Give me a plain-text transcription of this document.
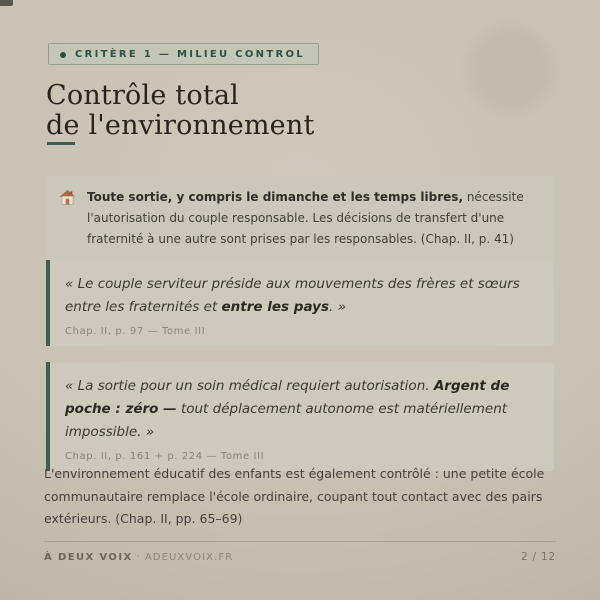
CRITÈRE 1 — MILIEU CONTROL
Contrôle total
de l'environnement
Toute sortie, y compris le dimanche et les temps libres, nécessite l'autorisation du couple responsable. Les décisions de transfert d'une fraternité à une autre sont prises par les responsables. (Chap. II, p. 41)
« Le couple serviteur préside aux mouvements des frères et sœurs entre les fraternités et entre les pays. »
Chap. II, p. 97 — Tome III
« La sortie pour un soin médical requiert autorisation. Argent de poche : zéro — tout déplacement autonome est matériellement impossible. »
Chap. II, p. 161 + p. 224 — Tome III
L'environnement éducatif des enfants est également contrôlé : une petite école communautaire remplace l'école ordinaire, coupant tout contact avec des pairs extérieurs. (Chap. II, pp. 65–69)
À DEUX VOIX · ADEUXVOIX.FR	2 / 12
